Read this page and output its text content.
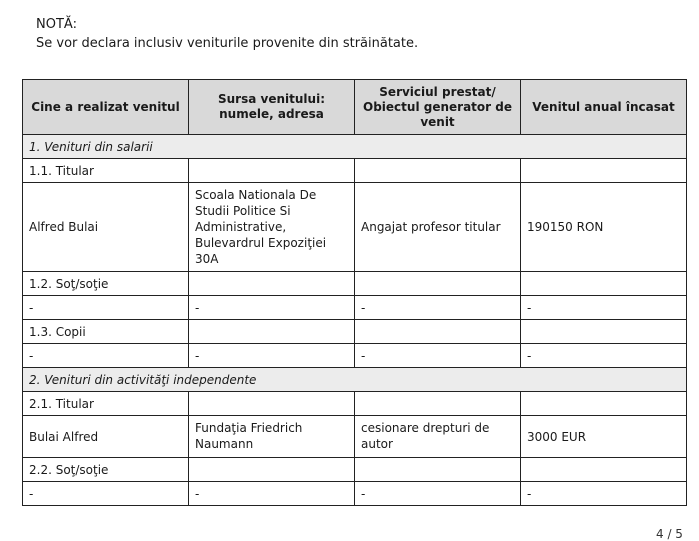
NOTĂ:
Se vor declara inclusiv veniturile provenite din străinătate.
Cine a realizat venitul	Sursa venitului: numele, adresa	Serviciul prestat/ Obiectul generator de venit	Venitul anual încasat
1. Venituri din salarii			
1.1. Titular			
Alfred Bulai	Scoala Nationala De Studii Politice Si Administrative, Bulevardrul Expoziţiei 30A	Angajat profesor titular	190150 RON
1.2. Soţ/soţie			
-	-	-	-
1.3. Copii			
-	-	-	-
2. Venituri din activităţi independente			
2.1. Titular			
Bulai Alfred	Fundaţia Friedrich Naumann	cesionare drepturi de autor	3000 EUR
2.2. Soţ/soţie			
-	-	-	-
4 / 5
